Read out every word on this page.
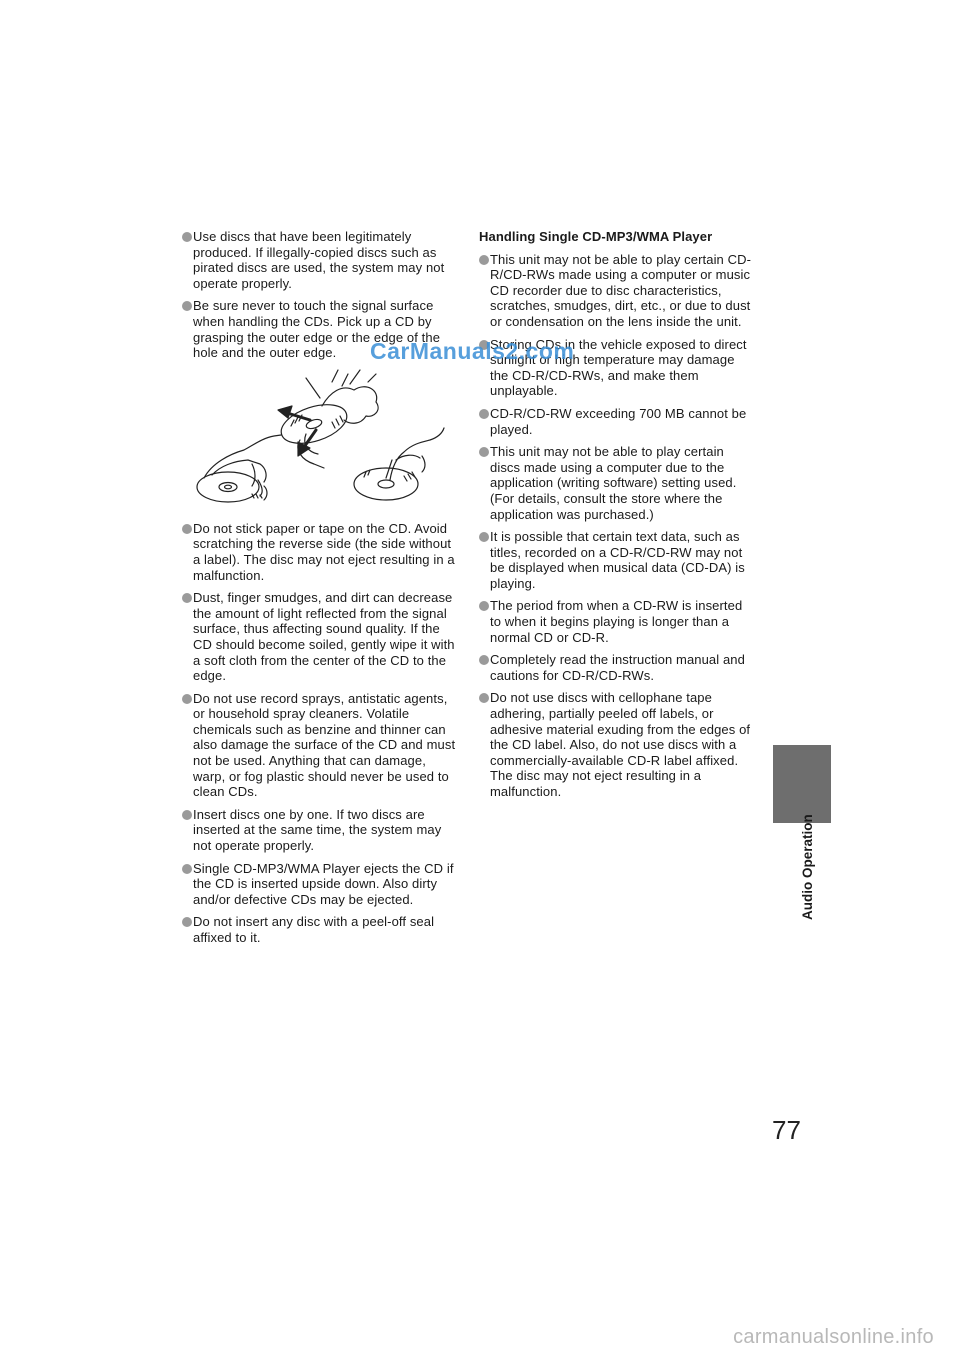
Use discs that have been legitimately produced. If illegally-copied discs such as pirated discs are used, the system may not operate properly.
Be sure never to touch the signal surface when handling the CDs. Pick up a CD by grasping the outer edge or the edge of the hole and the outer edge.
Do not stick paper or tape on the CD. Avoid scratching the reverse side (the side without a label). The disc may not eject resulting in a malfunction.
Dust, finger smudges, and dirt can decrease the amount of light reflected from the signal surface, thus affecting sound quality. If the CD should become soiled, gently wipe it with a soft cloth from the center of the CD to the edge.
Do not use record sprays, antistatic agents, or household spray cleaners. Volatile chemicals such as benzine and thinner can also damage the surface of the CD and must not be used. Anything that can damage, warp, or fog plastic should never be used to clean CDs.
Insert discs one by one. If two discs are inserted at the same time, the system may not operate properly.
Single CD-MP3/WMA Player ejects the CD if the CD is inserted upside down. Also dirty and/or defective CDs may be ejected.
Do not insert any disc with a peel-off seal affixed to it.
Handling Single CD-MP3/WMA Player
This unit may not be able to play certain CD-R/CD-RWs made using a computer or music CD recorder due to disc characteristics, scratches, smudges, dirt, etc., or due to dust or condensation on the lens inside the unit.
Storing CDs in the vehicle exposed to direct sunlight or high temperature may damage the CD-R/CD-RWs, and make them unplayable.
CD-R/CD-RW exceeding 700 MB cannot be played.
This unit may not be able to play certain discs made using a computer due to the application (writing software) setting used. (For details, consult the store where the application was purchased.)
It is possible that certain text data, such as titles, recorded on a CD-R/CD-RW may not be displayed when musical data (CD-DA) is playing.
The period from when a CD-RW is inserted to when it begins playing is longer than a normal CD or CD-R.
Completely read the instruction manual and cautions for CD-R/CD-RWs.
Do not use discs with cellophane tape adhering, partially peeled off labels, or adhesive material exuding from the edges of the CD label. Also, do not use discs with a commercially-available CD-R label affixed. The disc may not eject resulting in a malfunction.
CarManuals2.com
Audio Operation
77
carmanualsonline.info
